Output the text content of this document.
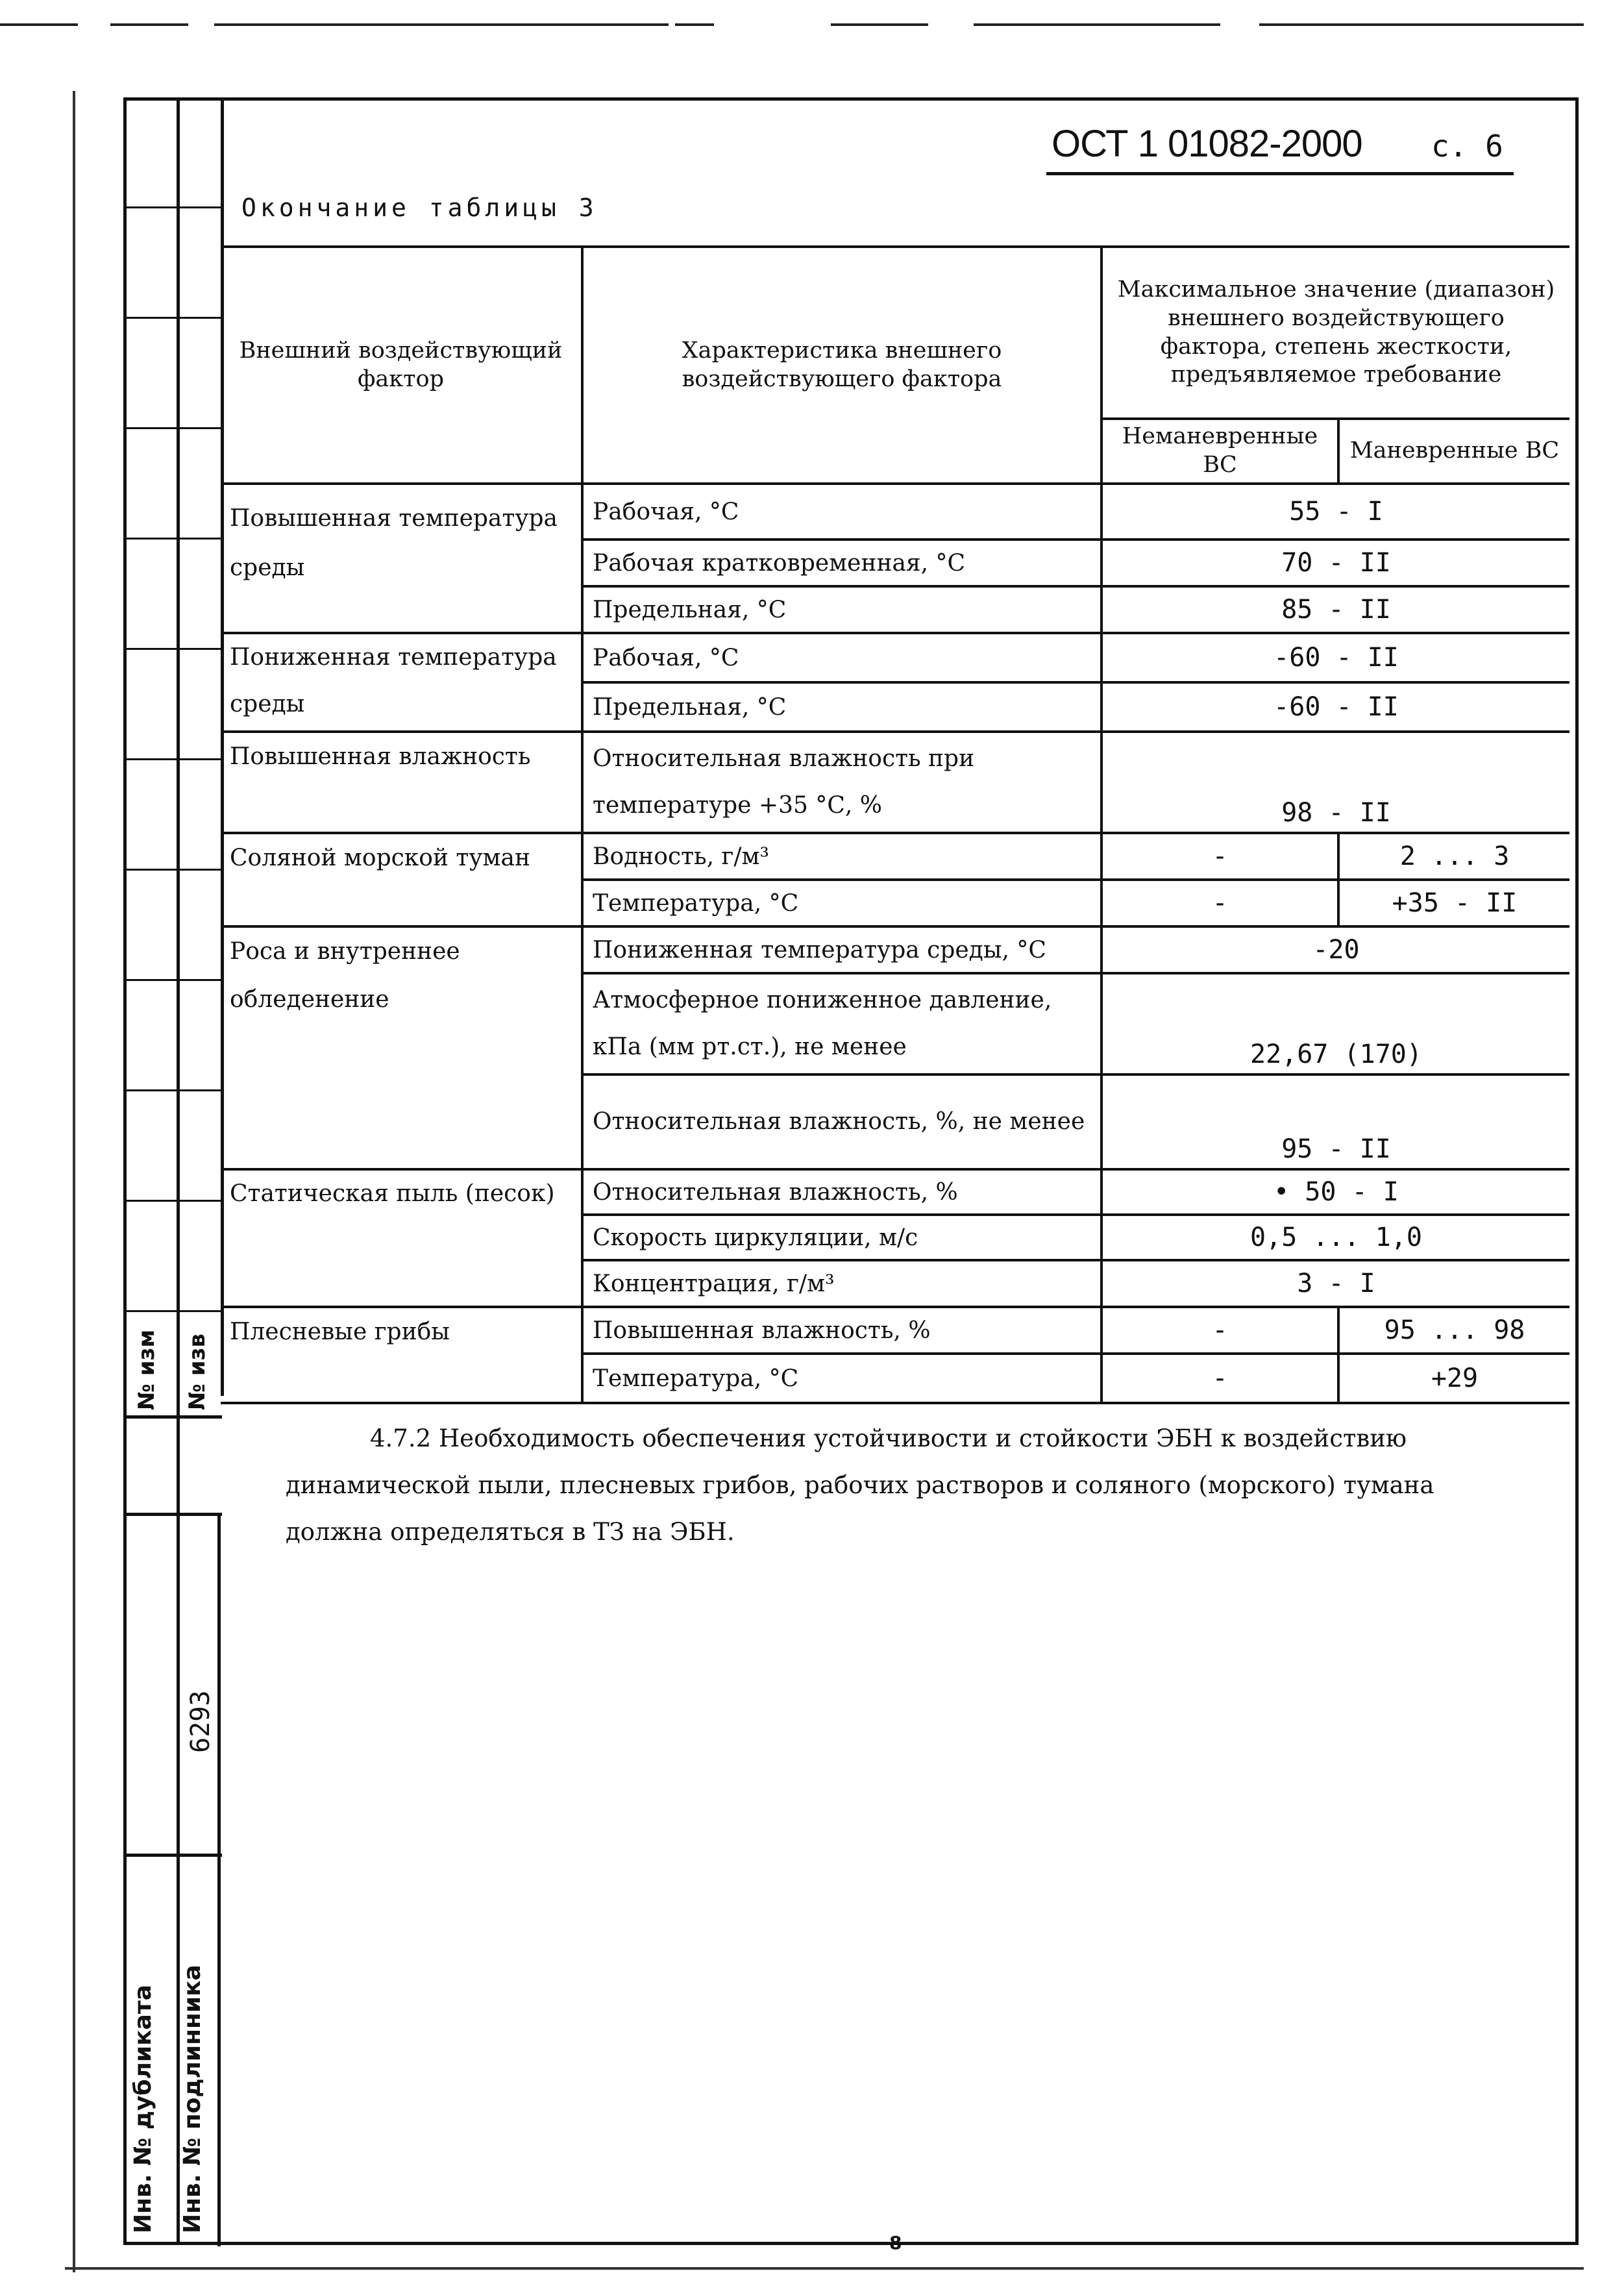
№ изм № изв
6293
Инв. № дубликата Инв. № подлинника
ОСТ 1 01082-2000 с. 6
Окончание таблицы 3
Внешний воздействующий фактор	Характеристика внешнего воздействующего фактора	Максимальное значение (диапазон) внешнего воздействующего фактора, степень жесткости, предъявляемое требование	
		Неманевренные ВС	Маневренные ВС
Повышенная температура среды	Рабочая, °С	55 - I	
	Рабочая кратковременная, °С	70 - II	
	Предельная, °С	85 - II	
Пониженная температура среды	Рабочая, °С	-60 - II	
	Предельная, °С	-60 - II	
Повышенная влажность	Относительная влажность при температуре +35 °С, %	98 - II	
Соляной морской туман	Водность, г/м³	-	2 ... 3
	Температура, °С	-	+35 - II
Роса и внутреннее обледенение	Пониженная температура среды, °С	-20	
	Атмосферное пониженное давление, кПа (мм рт.ст.), не менее	22,67 (170)	
	Относительная влажность, %, не менее	95 - II	
Статическая пыль (песок)	Относительная влажность, %	• 50 - I	
	Скорость циркуляции, м/с	0,5 ... 1,0	
	Концентрация, г/м³	3 - I	
Плесневые грибы	Повышенная влажность, %	-	95 ... 98
	Температура, °С	-	+29
4.7.2 Необходимость обеспечения устойчивости и стойкости ЭБН к воздействию динамической пыли, плесневых грибов, рабочих растворов и соляного (морского) тумана должна определяться в ТЗ на ЭБН.
8
